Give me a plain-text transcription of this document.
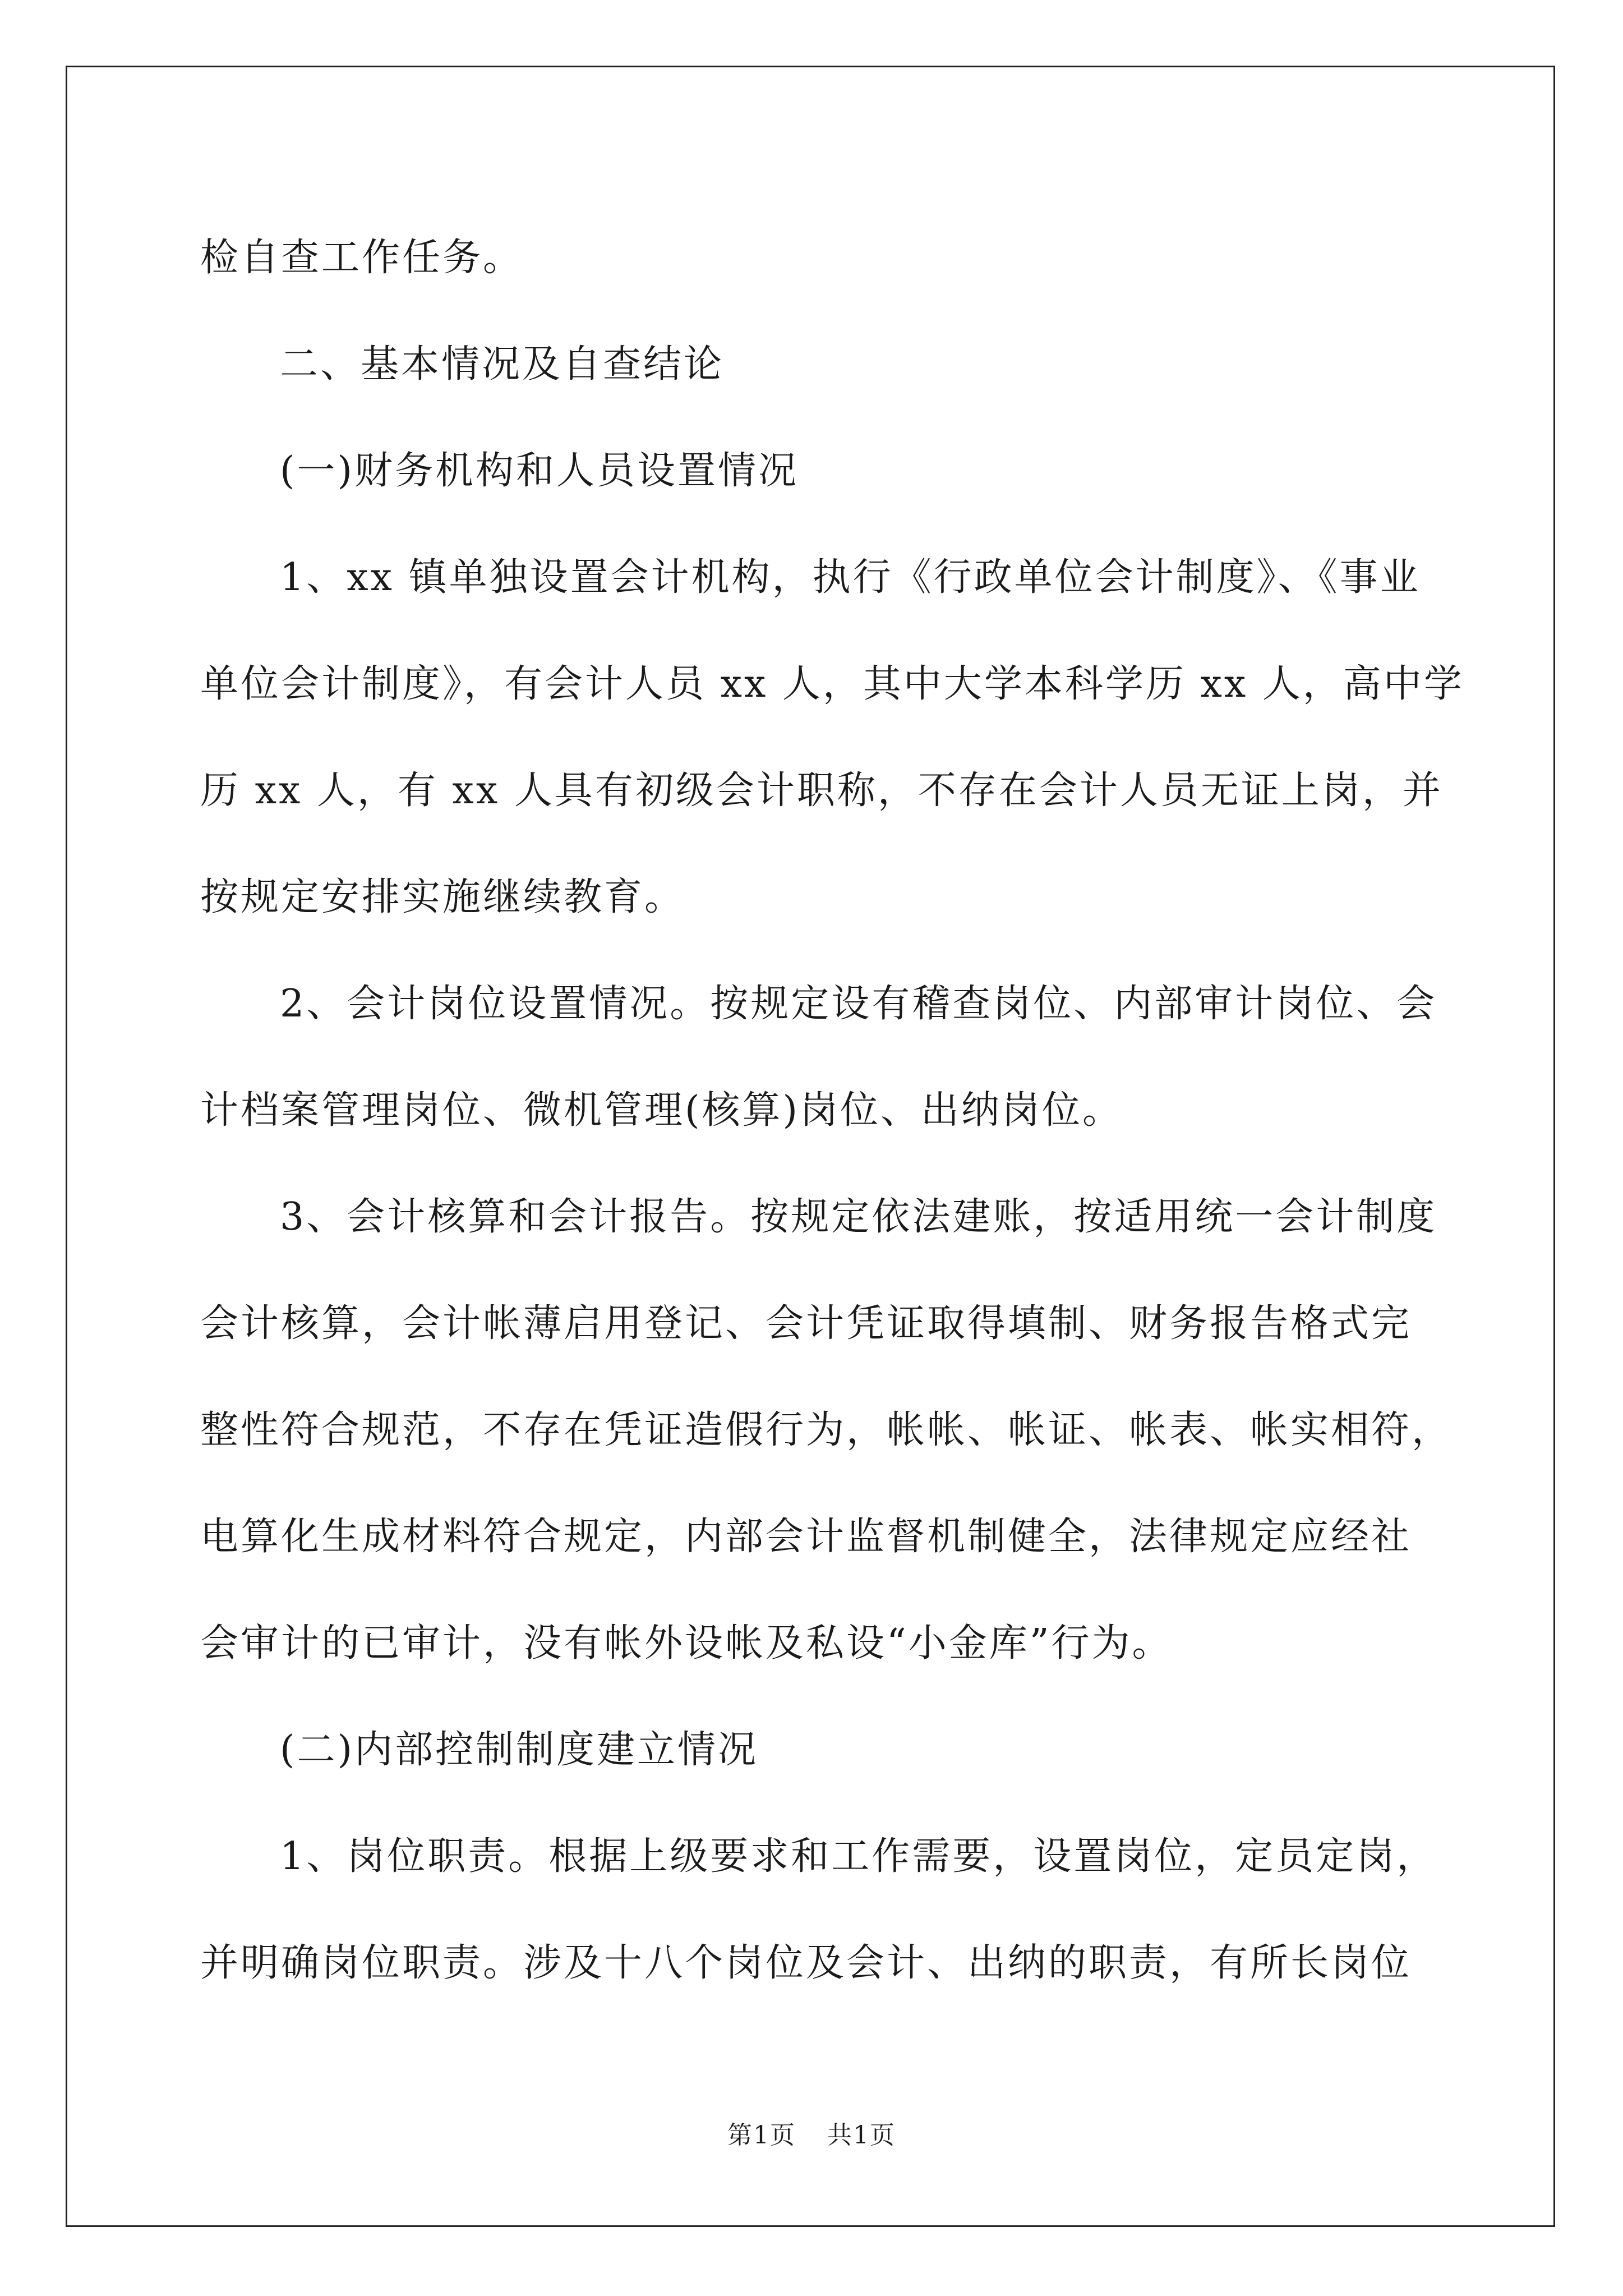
检自查工作任务。
二、基本情况及自查结论
(一)财务机构和人员设置情况
1、xx 镇单独设置会计机构，执行《行政单位会计制度》、《事业
单位会计制度》，有会计人员 xx 人，其中大学本科学历 xx 人，高中学
历 xx 人，有 xx 人具有初级会计职称，不存在会计人员无证上岗，并
按规定安排实施继续教育。
2、会计岗位设置情况。按规定设有稽查岗位、内部审计岗位、会
计档案管理岗位、微机管理(核算)岗位、出纳岗位。
3、会计核算和会计报告。按规定依法建账，按适用统一会计制度
会计核算，会计帐薄启用登记、会计凭证取得填制、财务报告格式完
整性符合规范，不存在凭证造假行为，帐帐、帐证、帐表、帐实相符，
电算化生成材料符合规定，内部会计监督机制健全，法律规定应经社
会审计的已审计，没有帐外设帐及私设“小金库”行为。
(二)内部控制制度建立情况
1、岗位职责。根据上级要求和工作需要，设置岗位，定员定岗，
并明确岗位职责。涉及十八个岗位及会计、出纳的职责，有所长岗位
第1页 共1页
